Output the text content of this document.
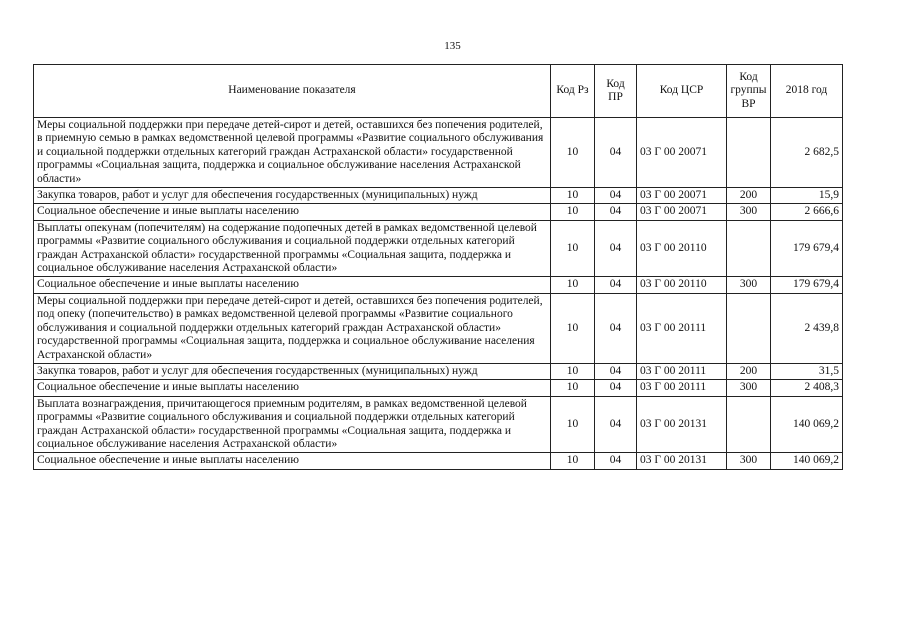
135
Наименование показателя	Код Рз	Код ПР	Код ЦСР	Код группы ВР	2018 год
Меры социальной поддержки при передаче детей-сирот и детей, оставшихся без попечения родителей, в приемную семью в рамках ведомственной целевой программы «Развитие социального обслуживания и социальной поддержки отдельных категорий граждан Астраханской области» государственной программы «Социальная защита, поддержка и социальное обслуживание населения Астраханской области»	10	04	03 Г 00 20071		2 682,5
Закупка товаров, работ и услуг для обеспечения государственных (муниципальных) нужд	10	04	03 Г 00 20071	200	15,9
Социальное обеспечение и иные выплаты населению	10	04	03 Г 00 20071	300	2 666,6
Выплаты опекунам (попечителям) на содержание подопечных детей в рамках ведомственной целевой программы «Развитие социального обслуживания и социальной поддержки отдельных категорий граждан Астраханской области» государственной программы «Социальная защита, поддержка и социальное обслуживание населения Астраханской области»	10	04	03 Г 00 20110		179 679,4
Социальное обеспечение и иные выплаты населению	10	04	03 Г 00 20110	300	179 679,4
Меры социальной поддержки при передаче детей-сирот и детей, оставшихся без попечения родителей, под опеку (попечительство) в рамках ведомственной целевой программы «Развитие социального обслуживания и социальной поддержки отдельных категорий граждан Астраханской области» государственной программы «Социальная защита, поддержка и социальное обслуживание населения Астраханской области»	10	04	03 Г 00 20111		2 439,8
Закупка товаров, работ и услуг для обеспечения государственных (муниципальных) нужд	10	04	03 Г 00 20111	200	31,5
Социальное обеспечение и иные выплаты населению	10	04	03 Г 00 20111	300	2 408,3
Выплата вознаграждения, причитающегося приемным родителям, в рамках ведомственной целевой программы «Развитие социального обслуживания и социальной поддержки отдельных категорий граждан Астраханской области» государственной программы «Социальная защита, поддержка и социальное обслуживание населения Астраханской области»	10	04	03 Г 00 20131		140 069,2
Социальное обеспечение и иные выплаты населению	10	04	03 Г 00 20131	300	140 069,2
